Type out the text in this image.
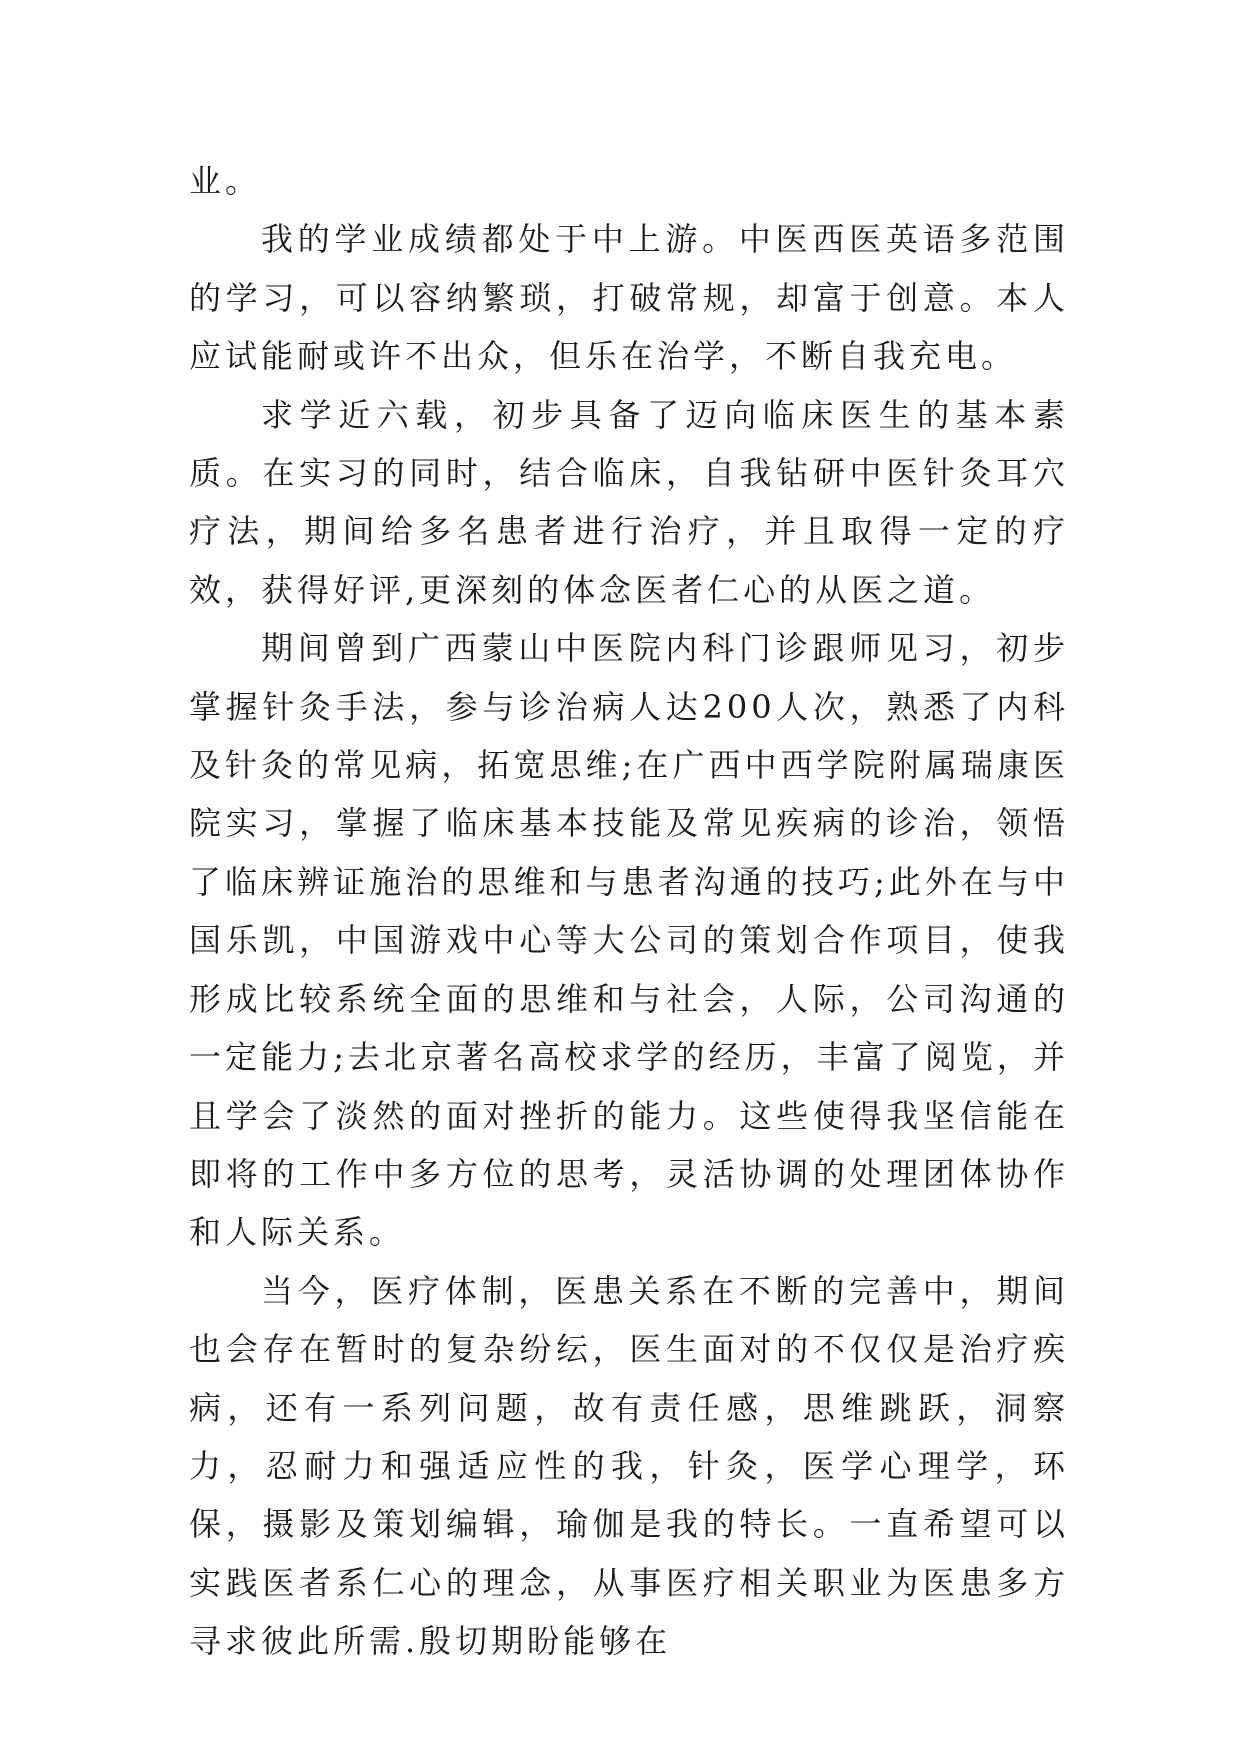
业。

我的学业成绩都处于中上游。中医西医英语多范围的学习，可以容纳繁琐，打破常规，却富于创意。本人应试能耐或许不出众，但乐在治学，不断自我充电。

求学近六载，初步具备了迈向临床医生的基本素质。在实习的同时，结合临床，自我钻研中医针灸耳穴疗法，期间给多名患者进行治疗，并且取得一定的疗效，获得好评,更深刻的体念医者仁心的从医之道。

期间曾到广西蒙山中医院内科门诊跟师见习，初步掌握针灸手法，参与诊治病人达200人次，熟悉了内科及针灸的常见病，拓宽思维;在广西中西学院附属瑞康医院实习，掌握了临床基本技能及常见疾病的诊治，领悟了临床辨证施治的思维和与患者沟通的技巧;此外在与中国乐凯，中国游戏中心等大公司的策划合作项目，使我形成比较系统全面的思维和与社会，人际，公司沟通的一定能力;去北京著名高校求学的经历，丰富了阅览，并且学会了淡然的面对挫折的能力。这些使得我坚信能在即将的工作中多方位的思考，灵活协调的处理团体协作和人际关系。

当今，医疗体制，医患关系在不断的完善中，期间也会存在暂时的复杂纷纭，医生面对的不仅仅是治疗疾病，还有一系列问题，故有责任感，思维跳跃，洞察力，忍耐力和强适应性的我，针灸，医学心理学，环保，摄影及策划编辑，瑜伽是我的特长。一直希望可以实践医者系仁心的理念，从事医疗相关职业为医患多方寻求彼此所需.殷切期盼能够在
